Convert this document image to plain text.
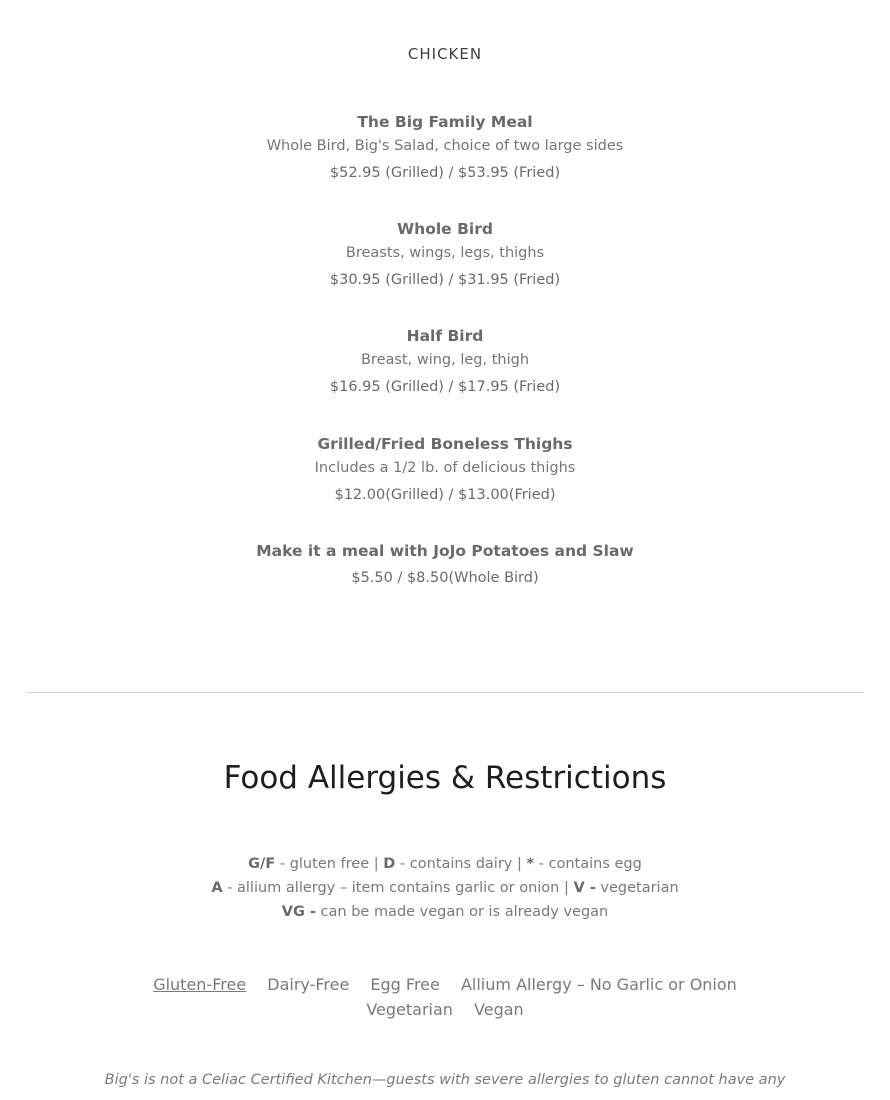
CHICKEN
The Big Family Meal
Whole Bird, Big's Salad, choice of two large sides
$52.95 (Grilled) / $53.95 (Fried)
Whole Bird
Breasts, wings, legs, thighs
$30.95 (Grilled) / $31.95 (Fried)
Half Bird
Breast, wing, leg, thigh
$16.95 (Grilled) / $17.95 (Fried)
Grilled/Fried Boneless Thighs
Includes a 1/2 lb. of delicious thighs
$12.00(Grilled) / $13.00(Fried)
Make it a meal with JoJo Potatoes and Slaw
$5.50 / $8.50(Whole Bird)
Food Allergies & Restrictions
G/F - gluten free | D - contains dairy | * - contains egg
A - allium allergy – item contains garlic or onion | V - vegetarian
VG - can be made vegan or is already vegan
Gluten-Free Dairy-Free Egg Free Allium Allergy – No Garlic or Onion
Vegetarian Vegan
Big's is not a Celiac Certified Kitchen—guests with severe allergies to gluten cannot have any
